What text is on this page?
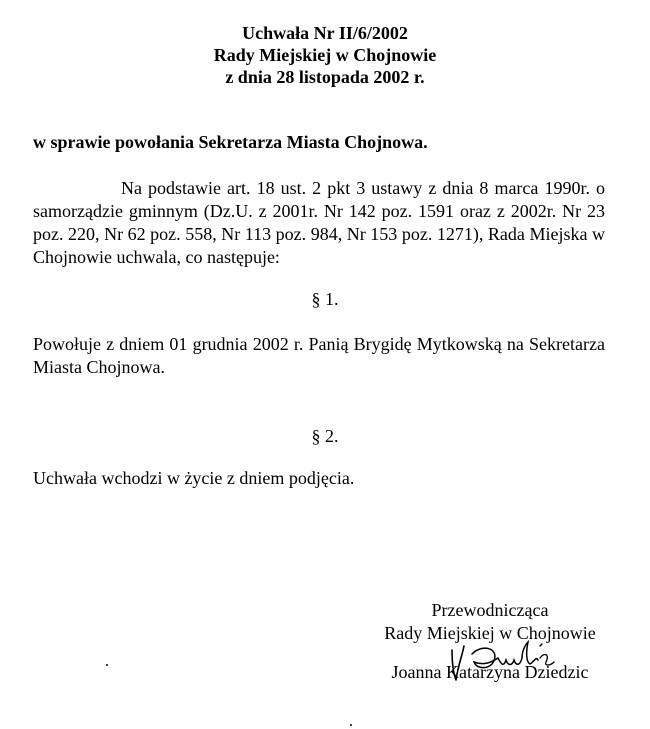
Uchwała Nr II/6/2002
Rady Miejskiej w Chojnowie
z dnia 28 listopada 2002 r.
w sprawie powołania Sekretarza Miasta Chojnowa.
Na podstawie art. 18 ust. 2 pkt 3 ustawy z dnia 8 marca 1990r. o samorządzie gminnym (Dz.U. z 2001r. Nr 142 poz. 1591 oraz z 2002r. Nr 23 poz. 220, Nr 62 poz. 558, Nr 113 poz. 984, Nr 153 poz. 1271), Rada Miejska w Chojnowie uchwala, co następuje:
§ 1.
Powołuje z dniem 01 grudnia 2002 r. Panią Brygidę Mytkowską na Sekretarza Miasta Chojnowa.
§ 2.
Uchwała wchodzi w życie z dniem podjęcia.
Przewodnicząca
Rady Miejskiej w Chojnowie
Joanna Katarzyna Dziedzic
